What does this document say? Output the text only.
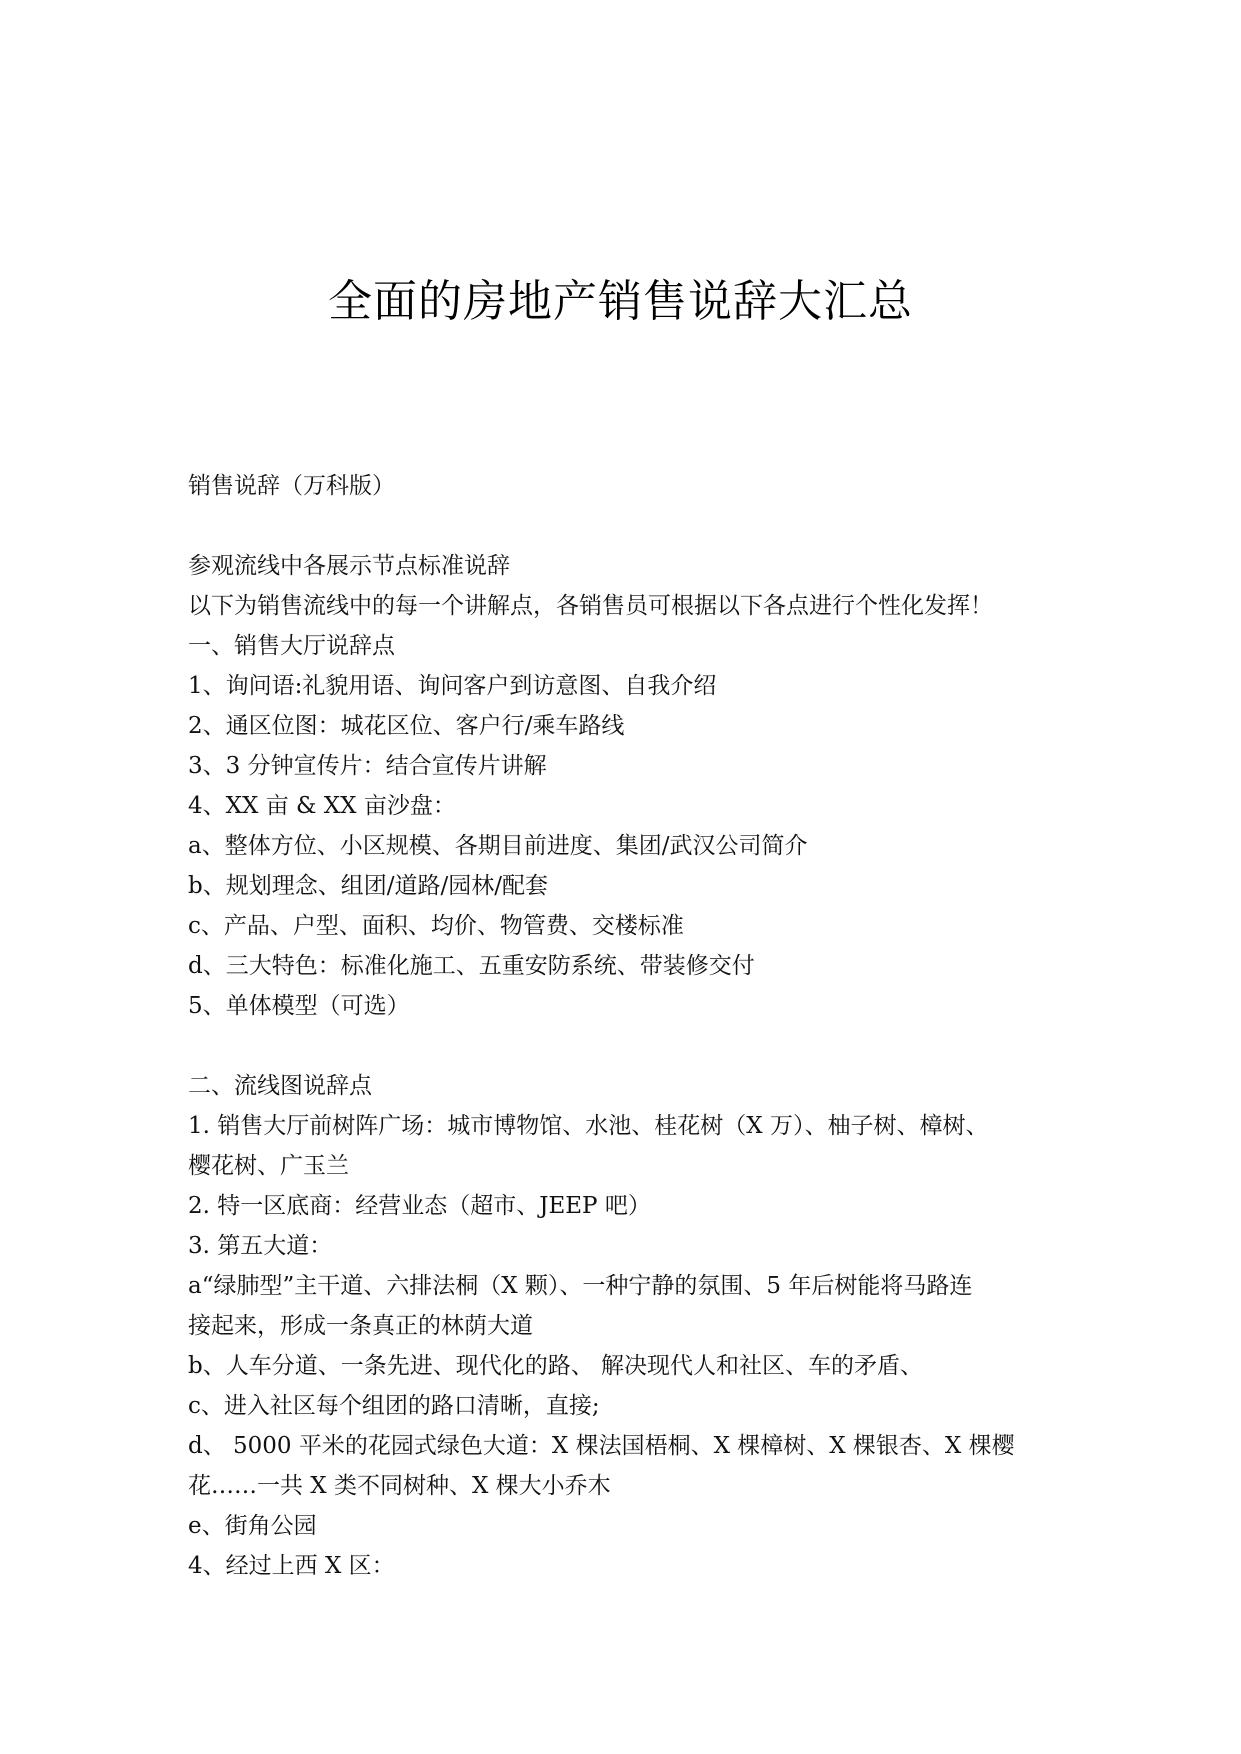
全面的房地产销售说辞大汇总
销售说辞（万科版）
参观流线中各展示节点标准说辞
以下为销售流线中的每一个讲解点，各销售员可根据以下各点进行个性化发挥！
一、销售大厅说辞点
1、询问语:礼貌用语、询问客户到访意图、自我介绍
2、通区位图：城花区位、客户行/乘车路线
3、3 分钟宣传片：结合宣传片讲解
4、XX 亩 & XX 亩沙盘：
a、整体方位、小区规模、各期目前进度、集团/武汉公司简介
b、规划理念、组团/道路/园林/配套
c、产品、户型、面积、均价、物管费、交楼标准
d、三大特色：标准化施工、五重安防系统、带装修交付
5、单体模型（可选）
二、流线图说辞点
1. 销售大厅前树阵广场：城市博物馆、水池、桂花树（X 万）、柚子树、樟树、
樱花树、广玉兰
2. 特一区底商：经营业态（超市、JEEP 吧）
3. 第五大道：
a“绿肺型”主干道、六排法桐（X 颗）、一种宁静的氛围、5 年后树能将马路连
接起来，形成一条真正的林荫大道
b、人车分道、一条先进、现代化的路、 解决现代人和社区、车的矛盾、
c、进入社区每个组团的路口清晰，直接;
d、 5000 平米的花园式绿色大道：X 棵法国梧桐、X 棵樟树、X 棵银杏、X 棵樱
花……一共 X 类不同树种、X 棵大小乔木
e、街角公园
4、经过上西 X 区：
